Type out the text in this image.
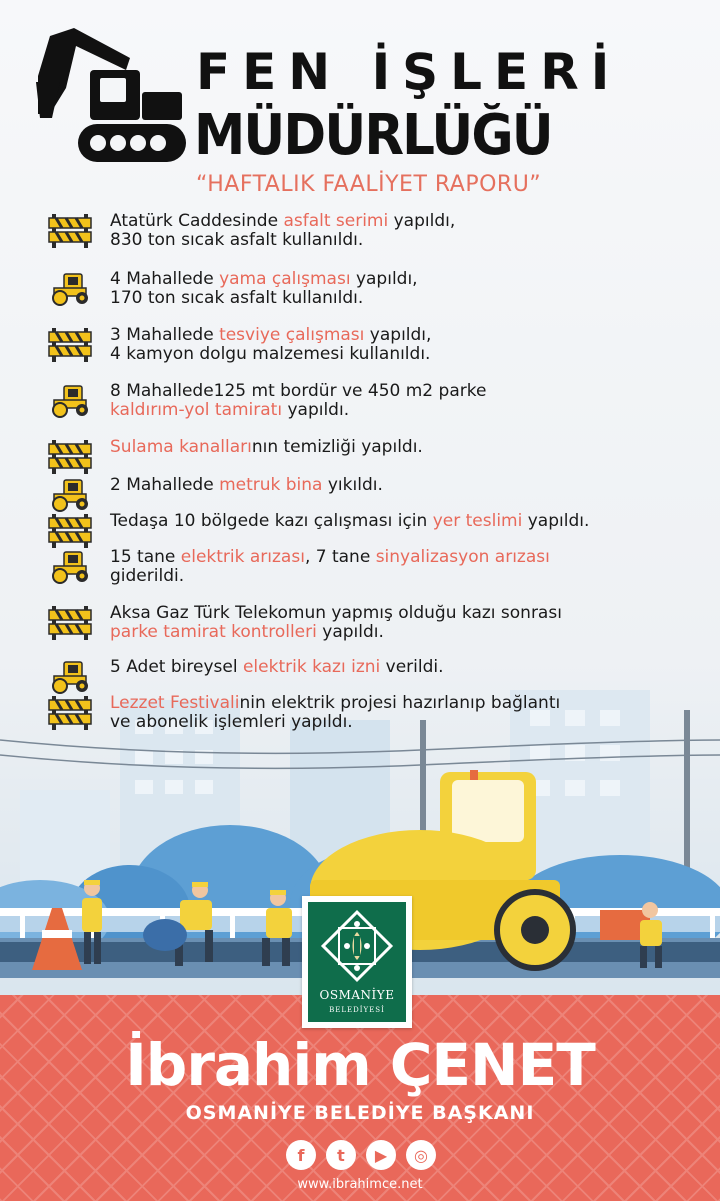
FEN İŞLERİ
MÜDÜRLÜĞÜ
“HAFTALIK FAALİYET RAPORU”
Atatürk Caddesinde asfalt serimi yapıldı,
830 ton sıcak asfalt kullanıldı.
4 Mahallede yama çalışması yapıldı,
170 ton sıcak asfalt kullanıldı.
3 Mahallede tesviye çalışması yapıldı,
4 kamyon dolgu malzemesi kullanıldı.
8 Mahallede125 mt bordür ve 450 m2 parke
kaldırım-yol tamiratı yapıldı.
Sulama kanallarının temizliği yapıldı.
2 Mahallede metruk bina yıkıldı.
Tedaşa 10 bölgede kazı çalışması için yer teslimi yapıldı.
15 tane elektrik arızası, 7 tane sinyalizasyon arızası
giderildi.
Aksa Gaz Türk Telekomun yapmış olduğu kazı sonrası
parke tamirat kontrolleri yapıldı.
5 Adet bireysel elektrik kazı izni verildi.
Lezzet Festivalinin elektrik projesi hazırlanıp bağlantı
ve abonelik işlemleri yapıldı.
OSMANİYE
BELEDİYESİ
İbrahim ÇENET
OSMANİYE BELEDİYE BAŞKANI
f	t	▶	◎
www.ibrahimce.net
